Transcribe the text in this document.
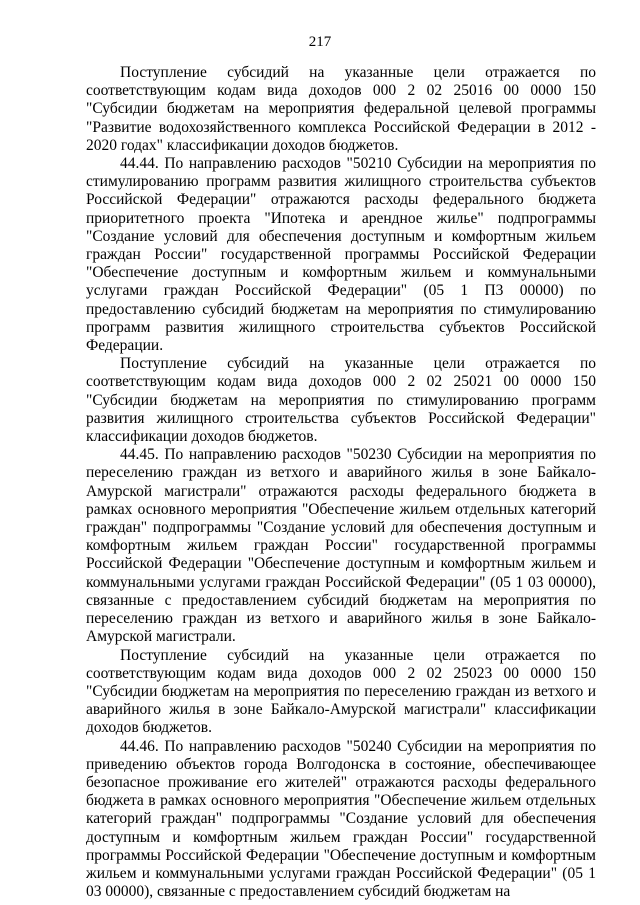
217

Поступление субсидий на указанные цели отражается по соответствующим кодам вида доходов 000 2 02 25016 00 0000 150 "Субсидии бюджетам на мероприятия федеральной целевой программы "Развитие водохозяйственного комплекса Российской Федерации в 2012 - 2020 годах" классификации доходов бюджетов.

44.44. По направлению расходов "50210 Субсидии на мероприятия по стимулированию программ развития жилищного строительства субъектов Российской Федерации" отражаются расходы федерального бюджета приоритетного проекта "Ипотека и арендное жилье" подпрограммы "Создание условий для обеспечения доступным и комфортным жильем граждан России" государственной программы Российской Федерации "Обеспечение доступным и комфортным жильем и коммунальными услугами граждан Российской Федерации" (05 1 П3 00000) по предоставлению субсидий бюджетам на мероприятия по стимулированию программ развития жилищного строительства субъектов Российской Федерации.

Поступление субсидий на указанные цели отражается по соответствующим кодам вида доходов 000 2 02 25021 00 0000 150 "Субсидии бюджетам на мероприятия по стимулированию программ развития жилищного строительства субъектов Российской Федерации" классификации доходов бюджетов.

44.45. По направлению расходов "50230 Субсидии на мероприятия по переселению граждан из ветхого и аварийного жилья в зоне Байкало-Амурской магистрали" отражаются расходы федерального бюджета в рамках основного мероприятия "Обеспечение жильем отдельных категорий граждан" подпрограммы "Создание условий для обеспечения доступным и комфортным жильем граждан России" государственной программы Российской Федерации "Обеспечение доступным и комфортным жильем и коммунальными услугами граждан Российской Федерации" (05 1 03 00000), связанные с предоставлением субсидий бюджетам на мероприятия по переселению граждан из ветхого и аварийного жилья в зоне Байкало-Амурской магистрали.

Поступление субсидий на указанные цели отражается по соответствующим кодам вида доходов 000 2 02 25023 00 0000 150 "Субсидии бюджетам на мероприятия по переселению граждан из ветхого и аварийного жилья в зоне Байкало-Амурской магистрали" классификации доходов бюджетов.

44.46. По направлению расходов "50240 Субсидии на мероприятия по приведению объектов города Волгодонска в состояние, обеспечивающее безопасное проживание его жителей" отражаются расходы федерального бюджета в рамках основного мероприятия "Обеспечение жильем отдельных категорий граждан" подпрограммы "Создание условий для обеспечения доступным и комфортным жильем граждан России" государственной программы Российской Федерации "Обеспечение доступным и комфортным жильем и коммунальными услугами граждан Российской Федерации" (05 1 03 00000), связанные с предоставлением субсидий бюджетам на
